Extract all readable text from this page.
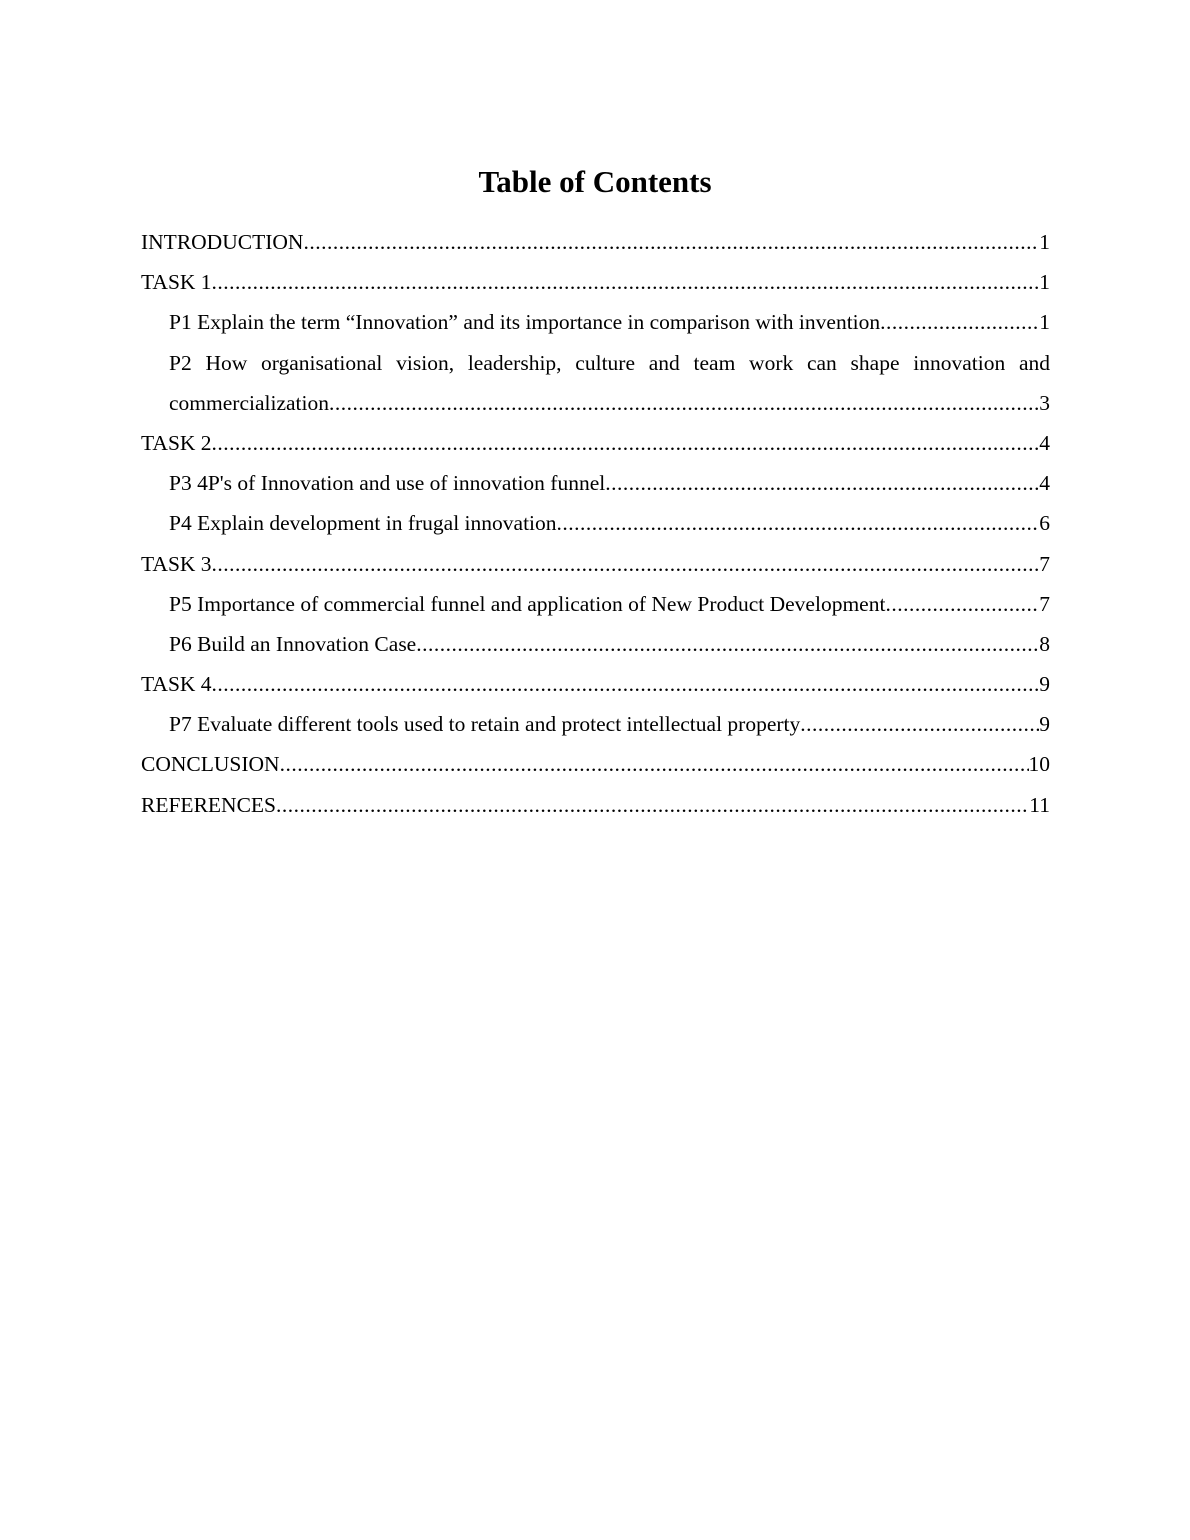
Table of Contents
INTRODUCTION .....	1
TASK 1 .....	1
P1 Explain the term “Innovation” and its importance in comparison with invention .....	1
P2 How organisational vision, leadership, culture and team work can shape innovation and
commercialization .....	3
TASK 2 .....	4
P3 4P's of Innovation and use of innovation funnel .....	4
P4 Explain development in frugal innovation .....	6
TASK 3 .....	7
P5 Importance of commercial funnel and application of New Product Development .....	7
P6 Build an Innovation Case .....	8
TASK 4 .....	9
P7 Evaluate different tools used to retain and protect intellectual property .....	9
CONCLUSION .....	10
REFERENCES .....	11
